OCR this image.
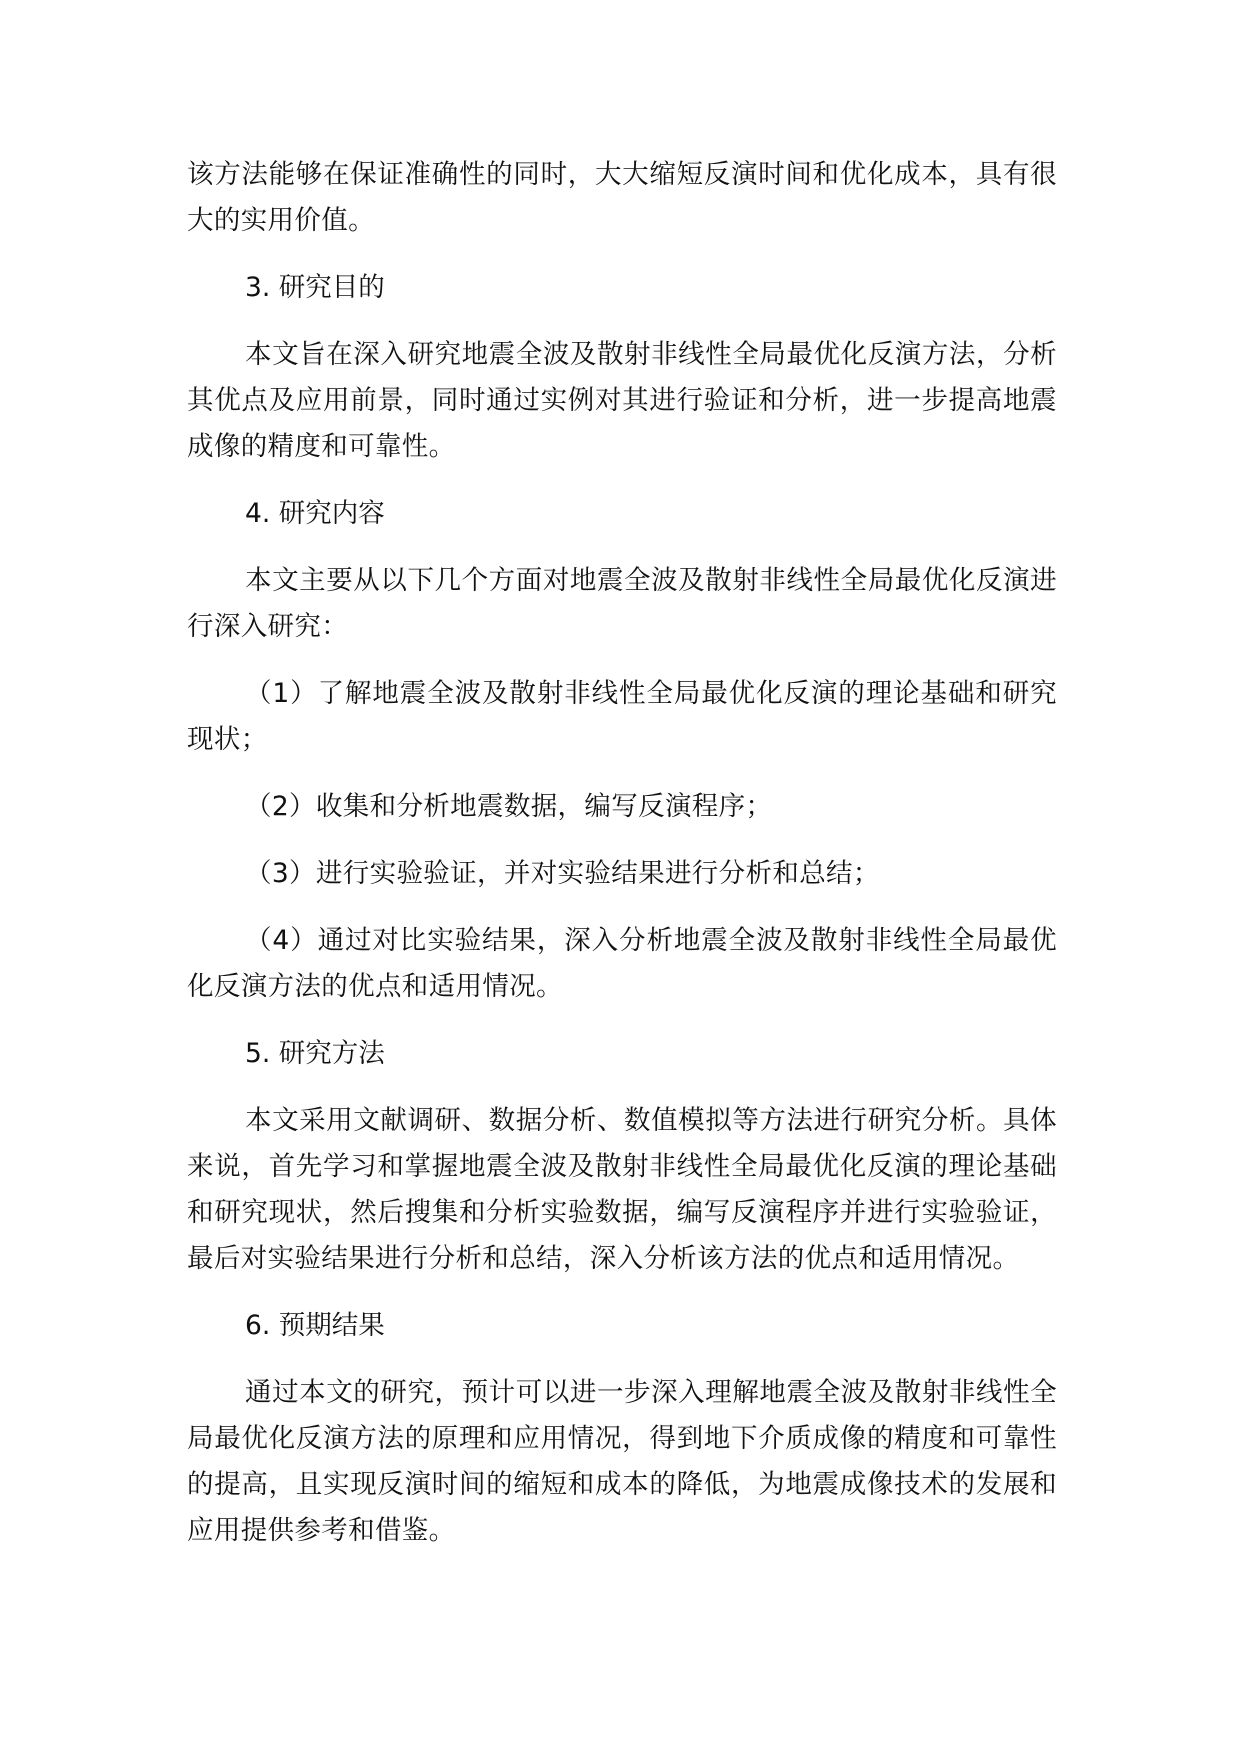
该方法能够在保证准确性的同时，大大缩短反演时间和优化成本，具有很大的实用价值。

3. 研究目的

本文旨在深入研究地震全波及散射非线性全局最优化反演方法，分析其优点及应用前景，同时通过实例对其进行验证和分析，进一步提高地震成像的精度和可靠性。

4. 研究内容

本文主要从以下几个方面对地震全波及散射非线性全局最优化反演进行深入研究：

（1）了解地震全波及散射非线性全局最优化反演的理论基础和研究现状；

（2）收集和分析地震数据，编写反演程序；

（3）进行实验验证，并对实验结果进行分析和总结；

（4）通过对比实验结果，深入分析地震全波及散射非线性全局最优化反演方法的优点和适用情况。

5. 研究方法

本文采用文献调研、数据分析、数值模拟等方法进行研究分析。具体来说，首先学习和掌握地震全波及散射非线性全局最优化反演的理论基础和研究现状，然后搜集和分析实验数据，编写反演程序并进行实验验证，最后对实验结果进行分析和总结，深入分析该方法的优点和适用情况。

6. 预期结果

通过本文的研究，预计可以进一步深入理解地震全波及散射非线性全局最优化反演方法的原理和应用情况，得到地下介质成像的精度和可靠性的提高，且实现反演时间的缩短和成本的降低，为地震成像技术的发展和应用提供参考和借鉴。
